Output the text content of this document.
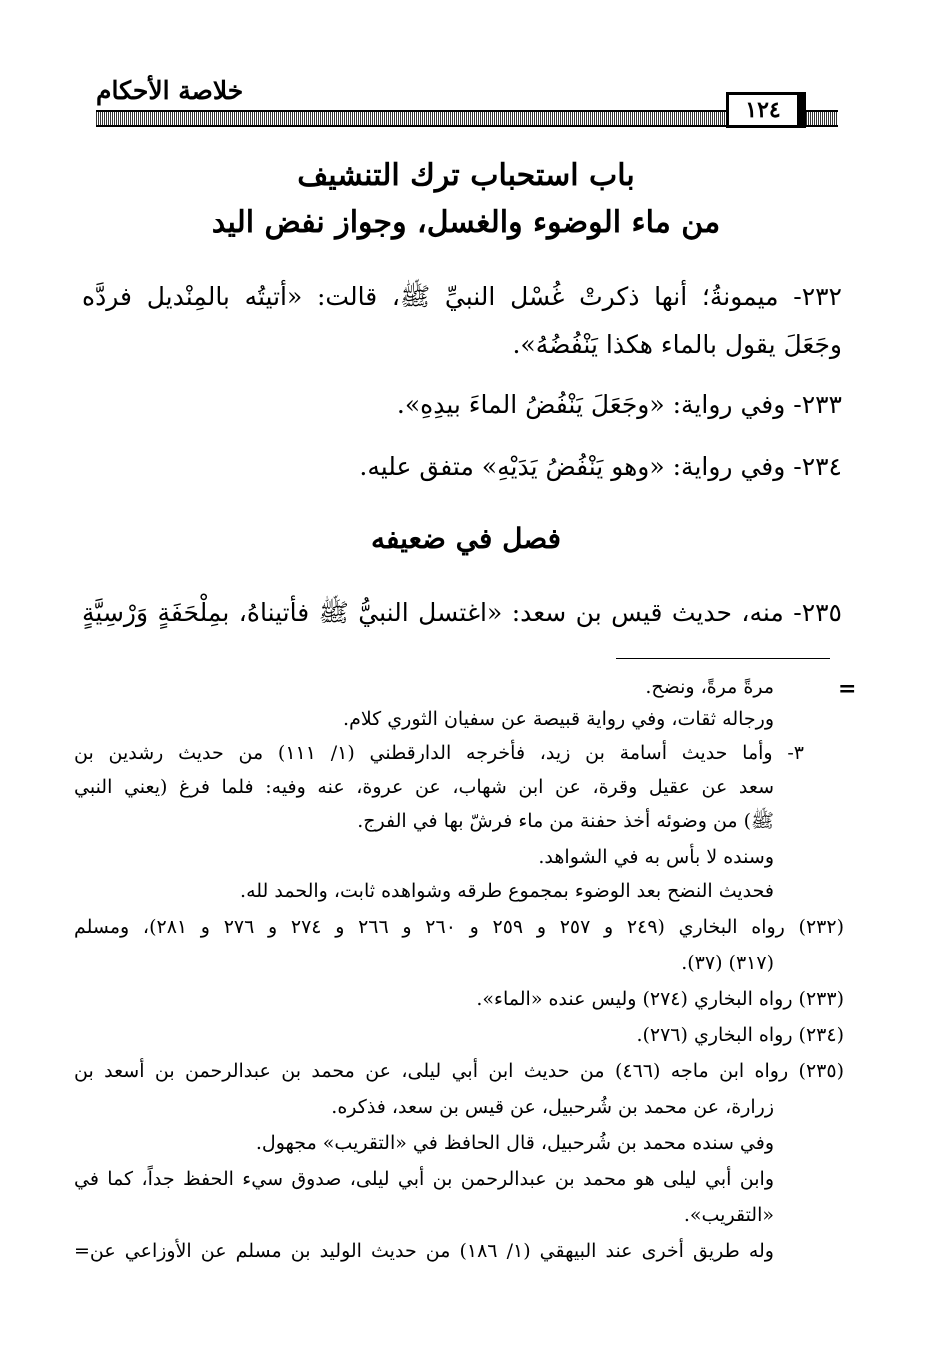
خلاصة الأحكام
١٢٤
باب استحباب ترك التنشيف
من ماء الوضوء والغسل، وجواز نفض اليد
٢٣٢- ميمونةُ؛ أنها ذكرتْ غُسْل النبيِّ ﷺ، قالت: «أتيتُه بالمِنْديل فردَّه
وجَعَلَ يقول بالماء هكذا يَنْفُضُهُ».
٢٣٣- وفي رواية: «وجَعَلَ يَنْفُضُ الماءَ بيدِهِ».
٢٣٤- وفي رواية: «وهو يَنْفُضُ يَدَيْهِ» متفق عليه.
فصل في ضعيفه
٢٣٥- منه، حديث قيس بن سعد: «اغتسل النبيُّ ﷺ فأتيناهُ، بمِلْحَفَةٍ وَرْسِيَّةٍ
=
مرةً مرةً، ونضح.
ورجاله ثقات، وفي رواية قبيصة عن سفيان الثوري كلام.
٣- وأما حديث أسامة بن زيد، فأخرجه الدارقطني (١/ ١١١) من حديث رشدين بن
سعد عن عقيل وقرة، عن ابن شهاب، عن عروة، عنه وفيه: فلما فرغ (يعني النبي
ﷺ) من وضوئه أخذ حفنة من ماء فرشّ بها في الفرج.
وسنده لا بأس به في الشواهد.
فحديث النضح بعد الوضوء بمجموع طرقه وشواهده ثابت، والحمد لله.
(٢٣٢) رواه البخاري (٢٤٩ و ٢٥٧ و ٢٥٩ و ٢٦٠ و ٢٦٦ و ٢٧٤ و ٢٧٦ و ٢٨١)، ومسلم
(٣١٧) (٣٧).
(٢٣٣) رواه البخاري (٢٧٤) وليس عنده «الماء».
(٢٣٤) رواه البخاري (٢٧٦).
(٢٣٥) رواه ابن ماجه (٤٦٦) من حديث ابن أبي ليلى، عن محمد بن عبدالرحمن بن أسعد بن
زرارة، عن محمد بن شُرحبيل، عن قيس بن سعد، فذكره.
وفي سنده محمد بن شُرحبيل، قال الحافظ في «التقريب» مجهول.
وابن أبي ليلى هو محمد بن عبدالرحمن بن أبي ليلى، صدوق سيء الحفظ جداً، كما في
«التقريب».
وله طريق أخرى عند البيهقي (١/ ١٨٦) من حديث الوليد بن مسلم عن الأوزاعي عن=
